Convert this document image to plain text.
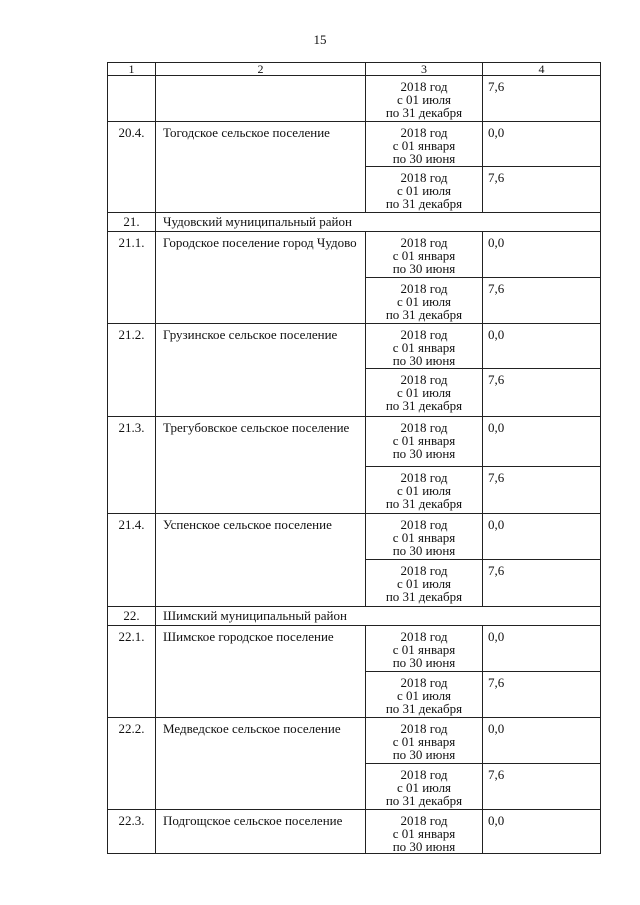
15
1	2	3	4

		2018 год
с 01 июля
по 31 декабря	7,6
20.4.	Тогодское сельское поселение	2018 год
с 01 января
по 30 июня	0,0

		2018 год
с 01 июля
по 31 декабря	7,6
21.	Чудовский муниципальный район		
21.1.	Городское поселение город Чудово	2018 год
с 01 января
по 30 июня	0,0

		2018 год
с 01 июля
по 31 декабря	7,6
21.2.	Грузинское сельское поселение	2018 год
с 01 января
по 30 июня	0,0

		2018 год
с 01 июля
по 31 декабря	7,6
21.3.	Трегубовское сельское поселение	2018 год
с 01 января
по 30 июня	0,0

		2018 год
с 01 июля
по 31 декабря	7,6
21.4.	Успенское сельское поселение	2018 год
с 01 января
по 30 июня	0,0

		2018 год
с 01 июля
по 31 декабря	7,6
22.	Шимский муниципальный район		
22.1.	Шимское городское поселение	2018 год
с 01 января
по 30 июня	0,0

		2018 год
с 01 июля
по 31 декабря	7,6
22.2.	Медведское сельское поселение	2018 год
с 01 января
по 30 июня	0,0

		2018 год
с 01 июля
по 31 декабря	7,6
22.3.	Подгощское сельское поселение	2018 год
с 01 января
по 30 июня	0,0
